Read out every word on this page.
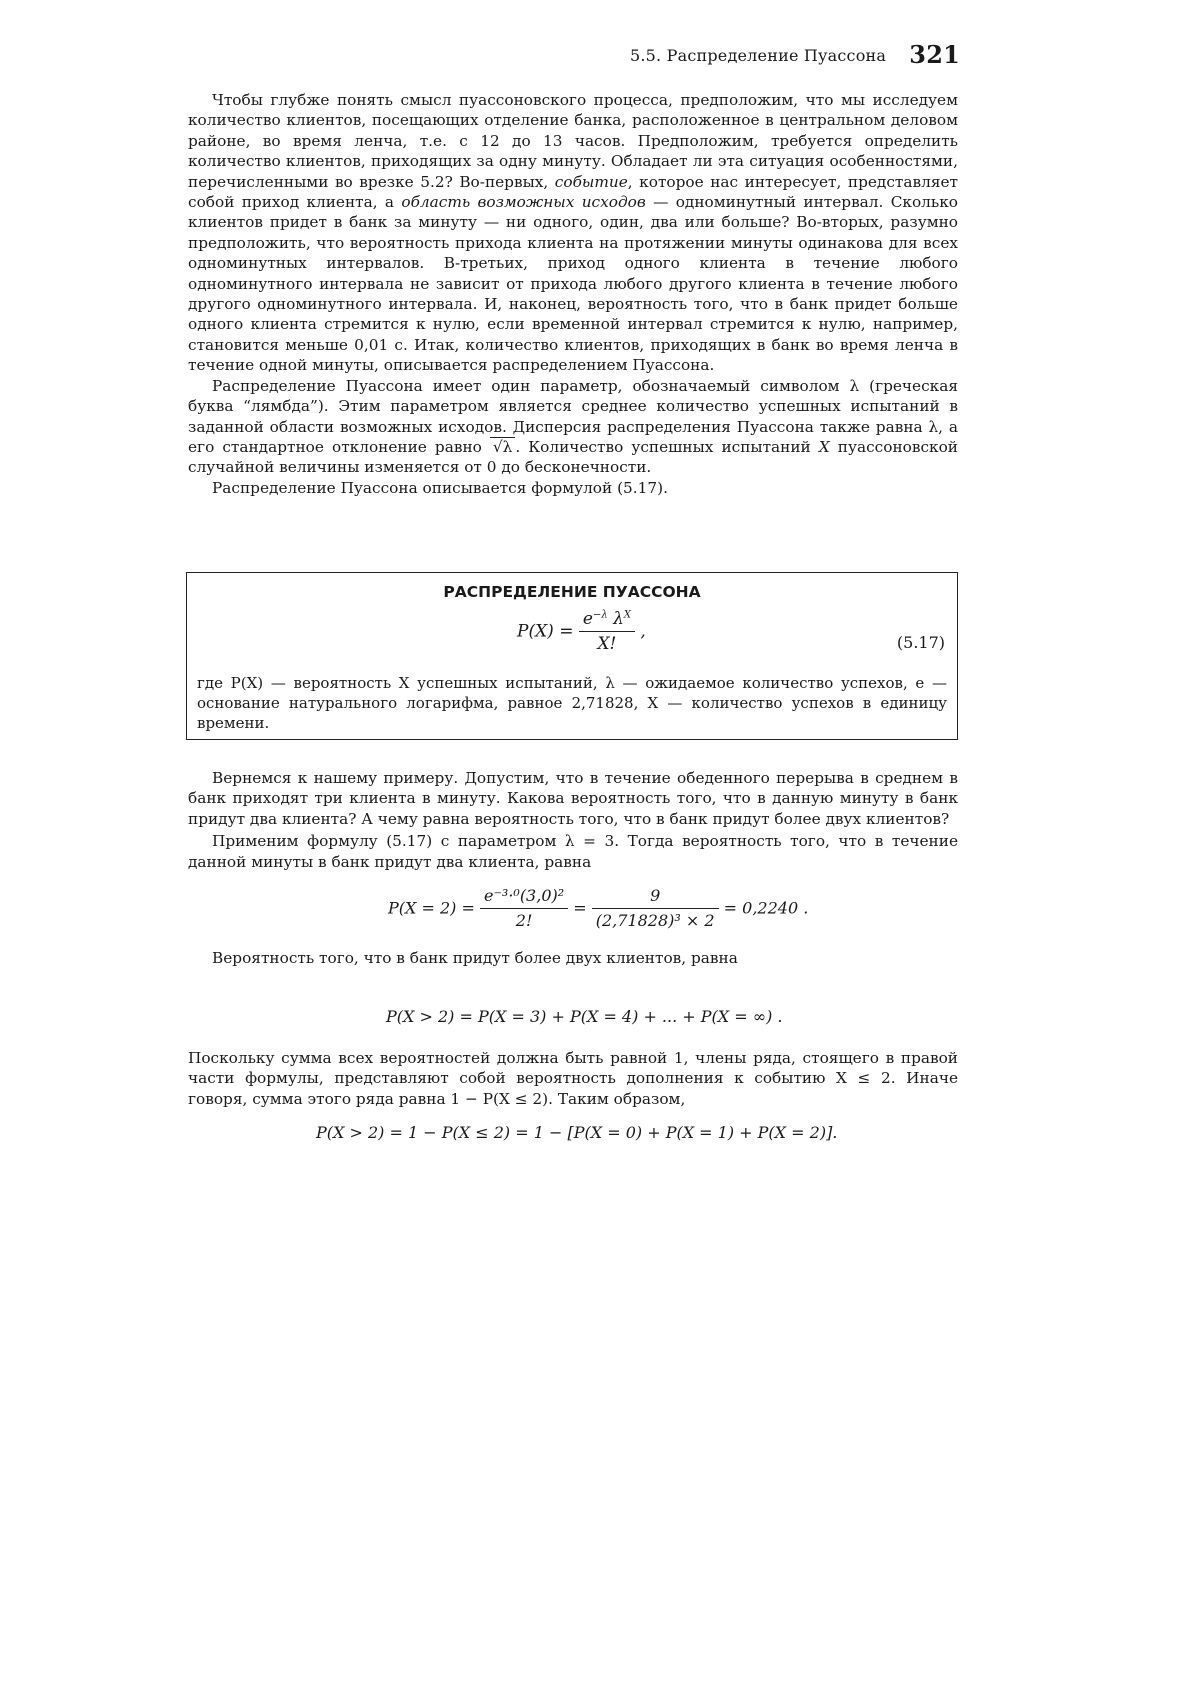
5.5. Распределение Пуассона 321

Чтобы глубже понять смысл пуассоновского процесса, предположим, что мы исследуем количество клиентов, посещающих отделение банка, расположенное в центральном деловом районе, во время ленча, т.е. с 12 до 13 часов. Предположим, требуется определить количество клиентов, приходящих за одну минуту. Обладает ли эта ситуация особенностями, перечисленными во врезке 5.2? Во-первых, событие, которое нас интересует, представляет собой приход клиента, а область возможных исходов — одноминутный интервал. Сколько клиентов придет в банк за минуту — ни одного, один, два или больше? Во-вторых, разумно предположить, что вероятность прихода клиента на протяжении минуты одинакова для всех одноминутных интервалов. В-третьих, приход одного клиента в течение любого одноминутного интервала не зависит от прихода любого другого клиента в течение любого другого одноминутного интервала. И, наконец, вероятность того, что в банк придет больше одного клиента стремится к нулю, если временной интервал стремится к нулю, например, становится меньше 0,01 с. Итак, количество клиентов, приходящих в банк во время ленча в течение одной минуты, описывается распределением Пуассона.

Распределение Пуассона имеет один параметр, обозначаемый символом λ (греческая буква “лямбда”). Этим параметром является среднее количество успешных испытаний в заданной области возможных исходов. Дисперсия распределения Пуассона также равна λ, а его стандартное отклонение равно √λ . Количество успешных испытаний X пуассоновской случайной величины изменяется от 0 до бесконечности.

Распределение Пуассона описывается формулой (5.17).

РАСПРЕДЕЛЕНИЕ ПУАССОНА
$P(X) = \frac{e^{-\lambda} \lambda^X}{X!}$ ,
(5.17)
где P(X) — вероятность X успешных испытаний, λ — ожидаемое количество успехов, e — основание натурального логарифма, равное 2,71828, X — количество успехов в единицу времени.

Вернемся к нашему примеру. Допустим, что в течение обеденного перерыва в среднем в банк приходят три клиента в минуту. Какова вероятность того, что в данную минуту в банк придут два клиента? А чему равна вероятность того, что в банк придут более двух клиентов?

Применим формулу (5.17) с параметром λ = 3. Тогда вероятность того, что в течение данной минуты в банк придут два клиента, равна

$P(X = 2) = \frac{\text{e⁻³·⁰(3,0)²}}{2!} = \frac{9}{\text{(2,71828)³ × 2}} = 0,2240$ .

Вероятность того, что в банк придут более двух клиентов, равна

P(X > 2) = P(X = 3) + P(X = 4) + ... + P(X = ∞) .

Поскольку сумма всех вероятностей должна быть равной 1, члены ряда, стоящего в правой части формулы, представляют собой вероятность дополнения к событию X ≤ 2. Иначе говоря, сумма этого ряда равна 1 − P(X ≤ 2). Таким образом,

P(X > 2) = 1 − P(X ≤ 2) = 1 − [P(X = 0) + P(X = 1) + P(X = 2)].
